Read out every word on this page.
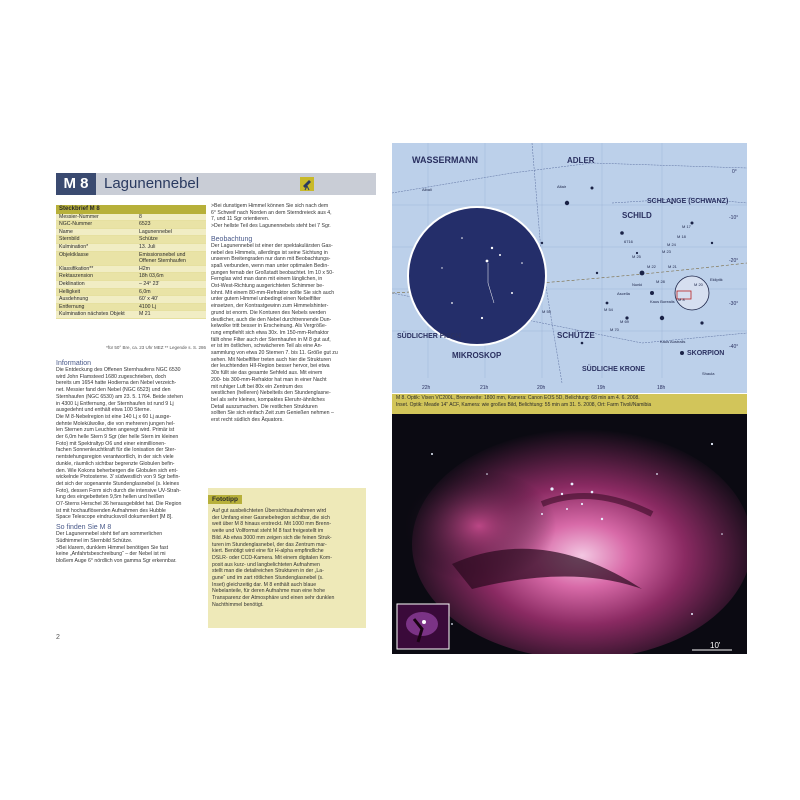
M 8	Lagunennebel
Steckbrief M 8
Messier-Nummer	8
NGC-Nummer	6523
Name	Lagunennebel
Sternbild	Schütze
Kulmination*	13. Juli
Objektklasse	Emissionsnebel und Offener Sternhaufen
Klassifikation**	H2m
Rektaszension	18h 03,6m
Deklination	– 24° 23'
Helligkeit	6,0m
Ausdehnung	60' x 40'
Entfernung	4100 Lj
Kulmination nächstes Objekt	M 21
*für 50° Bre, ca. 23 Uhr MEZ ** Legende s. S. 286

Information

Die Entdeckung des Offenen Sternhaufens NGC 6530
wird John Flamsteed 1680 zugeschrieben, doch
bereits um 1654 hatte Hodierna den Nebel verzeich-
net. Messier fand den Nebel (NGC 6523) und den
Sternhaufen (NGC 6530) am 23. 5. 1764. Beide stehen
in 4300 Lj Entfernung, der Sternhaufen ist rund 9 Lj
ausgedehnt und enthält etwa 100 Sterne.
Die M 8-Nebelregion ist eine 140 Lj x 60 Lj ausge-
dehnte Molekülwolke, die von mehreren jungen hel-
len Sternen zum Leuchten angeregt wird. Primär ist
der 6,0m helle Stern 9 Sgr (der helle Stern im kleinen
Foto) mit Spektraltyp O6 und einer einmillionen-
fachen Sonnenleuchtkraft für die Ionisation der Ster-
nentstehungsregion verantwortlich, in der sich viele
dunkle, räumlich sichtbar begrenzte Globulen befin-
den. Wie Kokons beherbergen die Globulen sich ent-
wickelnde Protosterne. 3' südwestlich von 9 Sgr befin-
det sich der sogenannte Stundenglasnebel (s. kleines
Foto), dessen Form sich durch die intensive UV-Strah-
lung des eingebetteten 9,5m hellen und heißen
O7-Sterns Herschel 36 herausgebildet hat. Die Region
ist mit hochauflösenden Aufnahmen des Hubble
Space Telescope eindrucksvoll dokumentiert [M 8].

So finden Sie M 8

Der Lagunennebel steht tief am sommerlichen
Südhimmel im Sternbild Schütze.
>Bei klarem, dunklem Himmel benötigen Sie fast
keine „Anfahrtsbeschreibung“ – der Nebel ist mi
bloßem Auge 6° nördlich von gamma Sgr erkennbar.

>Bei dunstigem Himmel können Sie sich nach dem
6° Schweif nach Norden an dem Sterndreieck aus 4,
7, und 11 Sgr orientieren.
>Der hellste Teil des Lagunennebels steht bei 7 Sgr.

Beobachtung

Der Lagunennebel ist einer der spektakulärsten Gas-
nebel des Himmels, allerdings ist seine Sichtung in
unseren Breitengraden nur dann mit Beobachtungs-
spaß verbunden, wenn man unter optimalen Bedin-
gungen fernab der Großstadt beobachtet. Im 10 x 50-
Fernglas wird man dann mit einem länglichen, in
Ost-West-Richtung ausgerichteten Schimmer be-
lohnt. Mit einem 80-mm-Refraktor sollte Sie sich auch
unter gutem Himmel unbedingt einen Nebelfilter
einsetzen, der Kontrastgewinn zum Himmelshinter-
grund ist enorm. Die Konturen des Nebels werden
deutlicher, auch die den Nebel durchtrennende Dun-
kelwolke tritt besser in Erscheinung. Als Vergröße-
rung empfiehlt sich etwa 30x. Im 150-mm-Refraktor
fällt ohne Filter auch der Sternhaufen in M 8 gut auf,
er ist im östlichen, schwächeren Teil als eine An-
sammlung von etwa 20 Sternen 7. bis 11. Größe gut zu
sehen. Mit Nebelfilter treten auch hier die Strukturen
der leuchtenden HII-Region besser hervor, bei etwa
30x füllt sie das gesamte Sehfeld aus. Mit einem
200- bis 300-mm-Refraktor hat man in einer Nacht
mit ruhiger Luft bei 80x ein Zentrum des
westlichen (helleren) Nebelteils den Stundenglasne-
bel als sehr kleines, kompaktes Eleruhr-ähnliches
Detail auszumachen. Die restlichen Strukturen
sollten Sie sich einfach Zeit zum Genießen nehmen –
erst recht südlich des Äquators.

Fototipp

Auf gut ausbelichteten Übersichtsaufnahmen wird
der Umfang einer Gasnebelregion sichtbar, die sich
weit über M 8 hinaus erstreckt. Mit 1000 mm Brenn-
weite und Vollformat steht M 8 fast freigestellt im
Bild. Ab etwa 3000 mm zeigen sich die feinen Struk-
turen im Stundenglasnebel, der das Zentrum mar-
kiert. Benötigt wird eine für H-alpha empfindliche
DSLR- oder CCD-Kamera. Mit einem digitalen Kom-
posit aus kurz- und langbelichteten Aufnahmen
stellt man die detailreichen Strukturen in der „La-
gune“ und im zart rötlichen Stundenglasnebel (s.
Inset) gleichzeitig dar. M 8 enthält auch blaue
Nebelanteile, für deren Aufnahme man eine hohe
Transparenz der Atmosphäre und einen sehr dunklen
Nachthimmel benötigt.

2
WASSERMANN	ADLER
SCHLANGE (SCHWANZ)
SCHILD
SÜDLICHER FISCH
MIKROSKOP
SCHÜTZE
SÜDLICHE KRONE
SKORPION
M 20
M 8
M 28
M 22
M 55	M 54
M 69
M 70
M 25
M 23
M 21
M 24
M 18
M 17
6716
Nunki
Kaus Borealis
Ascella
Kaus Australis
Shaula
Ekliptik
Altair
Albali
22h	21h	20h	19h	18h
0°
-10°
-20°
-30°
-40°
M 8. Optik: Vixen VC200L, Brennweite: 1800 mm, Kamera: Canon EOS 5D, Belichtung: 68 min am 4. 6. 2008.
Inset. Optik: Meade 14" ACF, Kamera: wie großes Bild, Belichtung: 55 min am 31. 5. 2008, Ort: Farm Tivoli/Namibia
10'
